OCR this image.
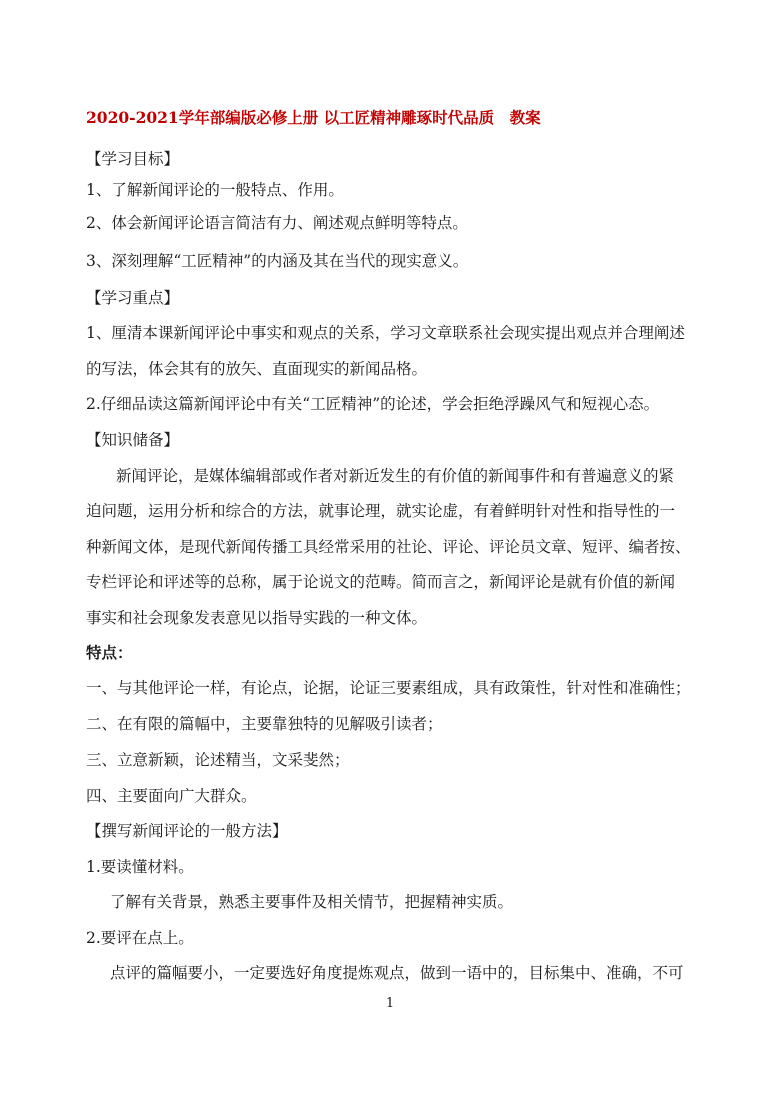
2020-2021学年部编版必修上册 以工匠精神雕琢时代品质　教案
【学习目标】
1、了解新闻评论的一般特点、作用。
2、体会新闻评论语言简洁有力、阐述观点鲜明等特点。
3、深刻理解“工匠精神”的内涵及其在当代的现实意义。
【学习重点】
1、厘清本课新闻评论中事实和观点的关系，学习文章联系社会现实提出观点并合理阐述
的写法，体会其有的放矢、直面现实的新闻品格。
2.仔细品读这篇新闻评论中有关“工匠精神”的论述，学会拒绝浮躁风气和短视心态。
【知识储备】
新闻评论，是媒体编辑部或作者对新近发生的有价值的新闻事件和有普遍意义的紧
迫问题，运用分析和综合的方法，就事论理，就实论虚，有着鲜明针对性和指导性的一
种新闻文体，是现代新闻传播工具经常采用的社论、评论、评论员文章、短评、编者按、
专栏评论和评述等的总称，属于论说文的范畴。简而言之，新闻评论是就有价值的新闻
事实和社会现象发表意见以指导实践的一种文体。
特点：
一、与其他评论一样，有论点，论据，论证三要素组成，具有政策性，针对性和准确性；
二、在有限的篇幅中，主要靠独特的见解吸引读者；
三、立意新颖，论述精当，文采斐然；
四、主要面向广大群众。
【撰写新闻评论的一般方法】
1.要读懂材料。
了解有关背景，熟悉主要事件及相关情节，把握精神实质。
2.要评在点上。
点评的篇幅要小，一定要选好角度提炼观点，做到一语中的，目标集中、准确，不可
1
